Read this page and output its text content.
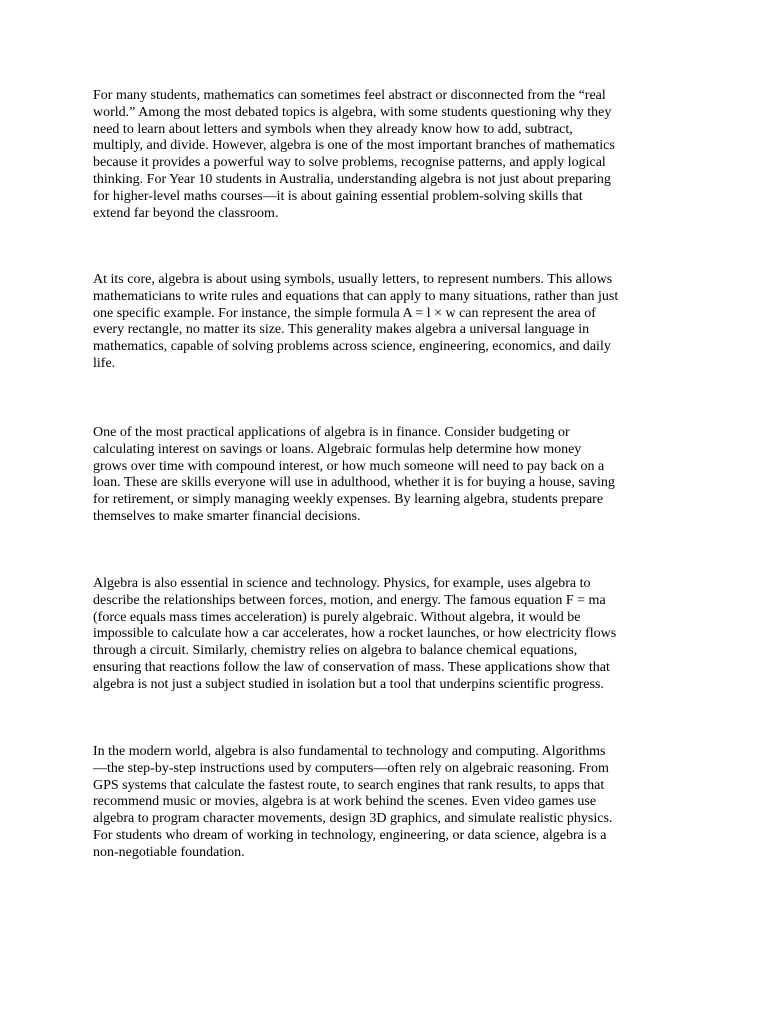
For many students, mathematics can sometimes feel abstract or disconnected from the “real
world.” Among the most debated topics is algebra, with some students questioning why they
need to learn about letters and symbols when they already know how to add, subtract,
multiply, and divide. However, algebra is one of the most important branches of mathematics
because it provides a powerful way to solve problems, recognise patterns, and apply logical
thinking. For Year 10 students in Australia, understanding algebra is not just about preparing
for higher-level maths courses—it is about gaining essential problem-solving skills that
extend far beyond the classroom.

At its core, algebra is about using symbols, usually letters, to represent numbers. This allows
mathematicians to write rules and equations that can apply to many situations, rather than just
one specific example. For instance, the simple formula A = l × w can represent the area of
every rectangle, no matter its size. This generality makes algebra a universal language in
mathematics, capable of solving problems across science, engineering, economics, and daily
life.

One of the most practical applications of algebra is in finance. Consider budgeting or
calculating interest on savings or loans. Algebraic formulas help determine how money
grows over time with compound interest, or how much someone will need to pay back on a
loan. These are skills everyone will use in adulthood, whether it is for buying a house, saving
for retirement, or simply managing weekly expenses. By learning algebra, students prepare
themselves to make smarter financial decisions.

Algebra is also essential in science and technology. Physics, for example, uses algebra to
describe the relationships between forces, motion, and energy. The famous equation F = ma
(force equals mass times acceleration) is purely algebraic. Without algebra, it would be
impossible to calculate how a car accelerates, how a rocket launches, or how electricity flows
through a circuit. Similarly, chemistry relies on algebra to balance chemical equations,
ensuring that reactions follow the law of conservation of mass. These applications show that
algebra is not just a subject studied in isolation but a tool that underpins scientific progress.

In the modern world, algebra is also fundamental to technology and computing. Algorithms
—the step-by-step instructions used by computers—often rely on algebraic reasoning. From
GPS systems that calculate the fastest route, to search engines that rank results, to apps that
recommend music or movies, algebra is at work behind the scenes. Even video games use
algebra to program character movements, design 3D graphics, and simulate realistic physics.
For students who dream of working in technology, engineering, or data science, algebra is a
non-negotiable foundation.
